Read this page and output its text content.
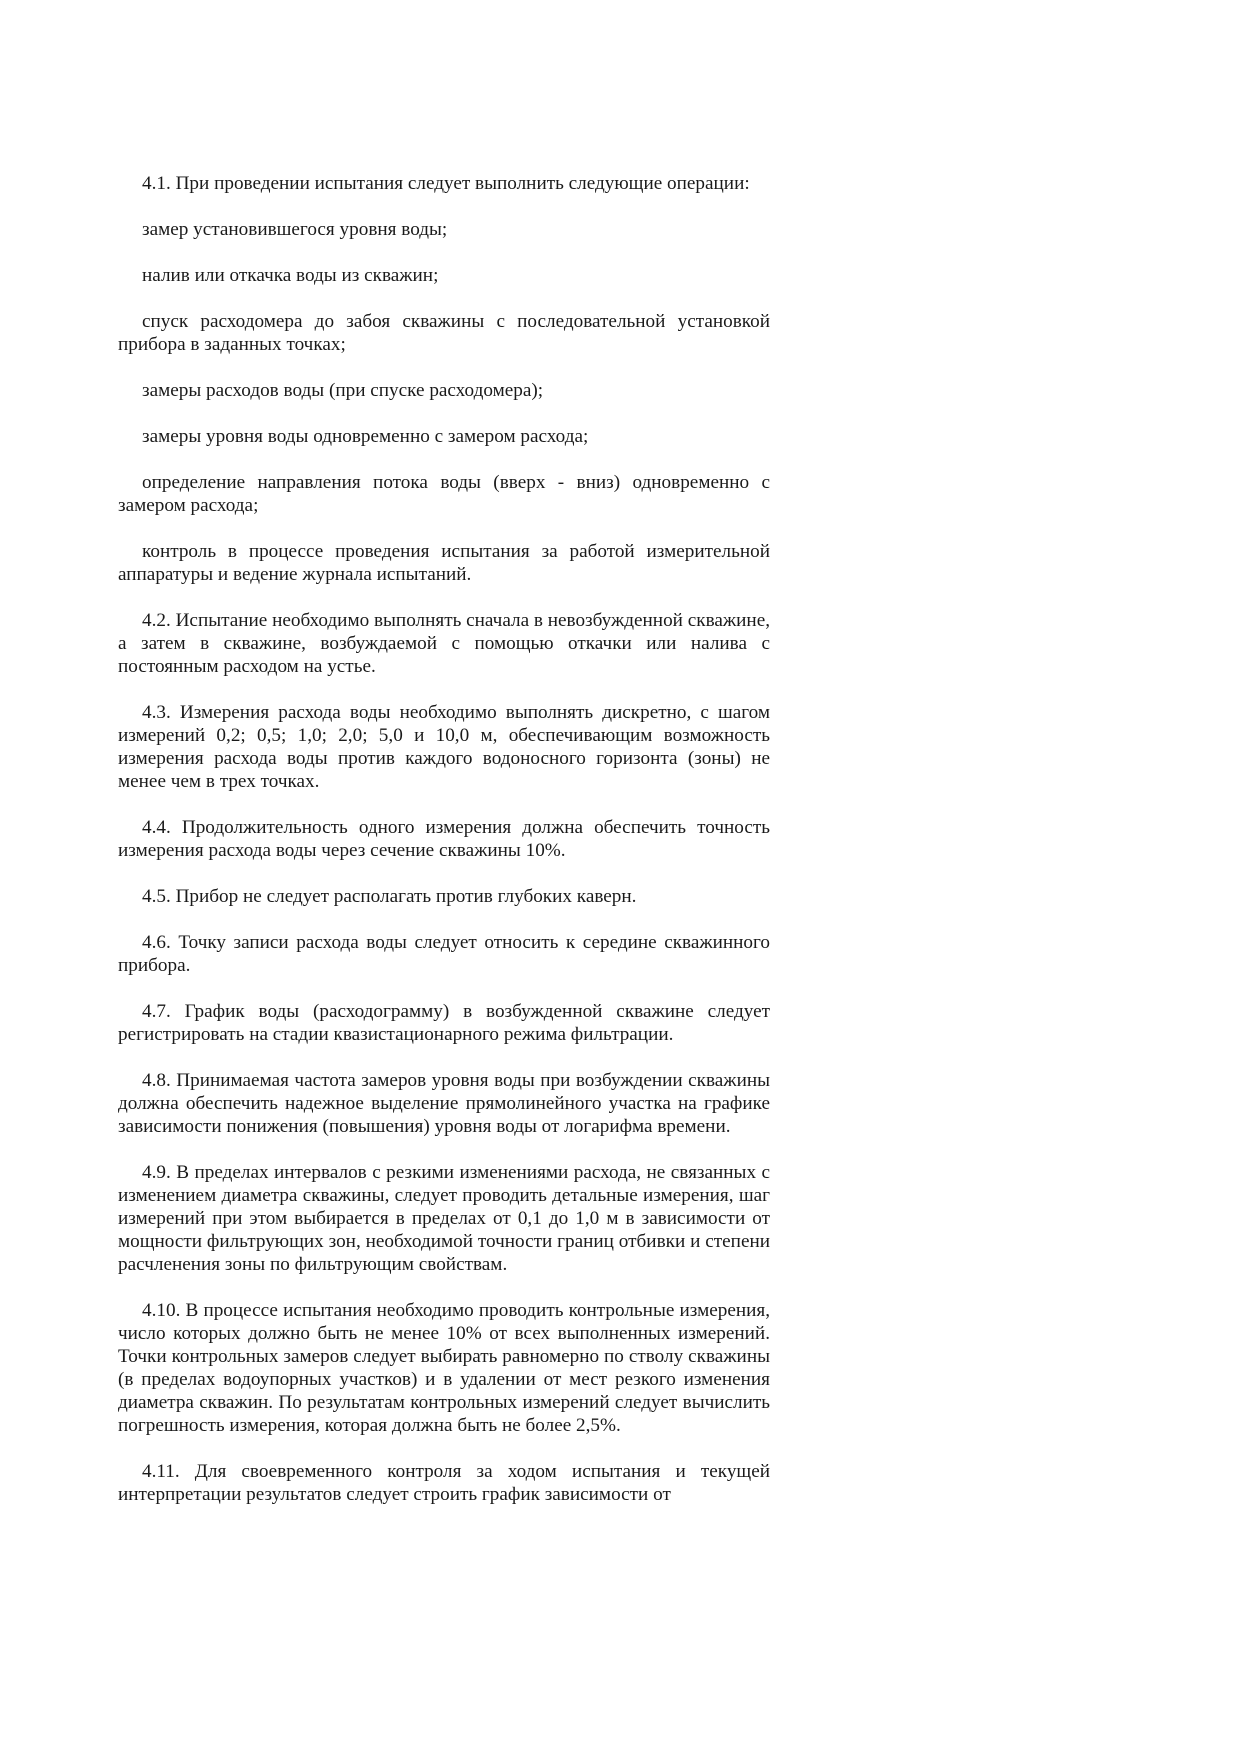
4.1. При проведении испытания следует выполнить следующие операции:

замер установившегося уровня воды;

налив или откачка воды из скважин;

спуск расходомера до забоя скважины с последовательной установкой прибора в заданных точках;

замеры расходов воды (при спуске расходомера);

замеры уровня воды одновременно с замером расхода;

определение направления потока воды (вверх - вниз) одновременно с замером расхода;

контроль в процессе проведения испытания за работой измерительной аппаратуры и ведение журнала испытаний.

4.2. Испытание необходимо выполнять сначала в невозбужденной скважине, а затем в скважине, возбуждаемой с помощью откачки или налива с постоянным расходом на устье.

4.3. Измерения расхода воды необходимо выполнять дискретно, с шагом измерений 0,2; 0,5; 1,0; 2,0; 5,0 и 10,0 м, обеспечивающим возможность измерения расхода воды против каждого водоносного горизонта (зоны) не менее чем в трех точках.

4.4. Продолжительность одного измерения должна обеспечить точность измерения расхода воды через сечение скважины 10%.

4.5. Прибор не следует располагать против глубоких каверн.

4.6. Точку записи расхода воды следует относить к середине скважинного прибора.

4.7. График воды (расходограмму) в возбужденной скважине следует регистрировать на стадии квазистационарного режима фильтрации.

4.8. Принимаемая частота замеров уровня воды при возбуждении скважины должна обеспечить надежное выделение прямолинейного участка на графике зависимости понижения (повышения) уровня воды от логарифма времени.

4.9. В пределах интервалов с резкими изменениями расхода, не связанных с изменением диаметра скважины, следует проводить детальные измерения, шаг измерений при этом выбирается в пределах от 0,1 до 1,0 м в зависимости от мощности фильтрующих зон, необходимой точности границ отбивки и степени расчленения зоны по фильтрующим свойствам.

4.10. В процессе испытания необходимо проводить контрольные измерения, число которых должно быть не менее 10% от всех выполненных измерений. Точки контрольных замеров следует выбирать равномерно по стволу скважины (в пределах водоупорных участков) и в удалении от мест резкого изменения диаметра скважин. По результатам контрольных измерений следует вычислить погрешность измерения, которая должна быть не более 2,5%.

4.11. Для своевременного контроля за ходом испытания и текущей интерпретации результатов следует строить график зависимости от
